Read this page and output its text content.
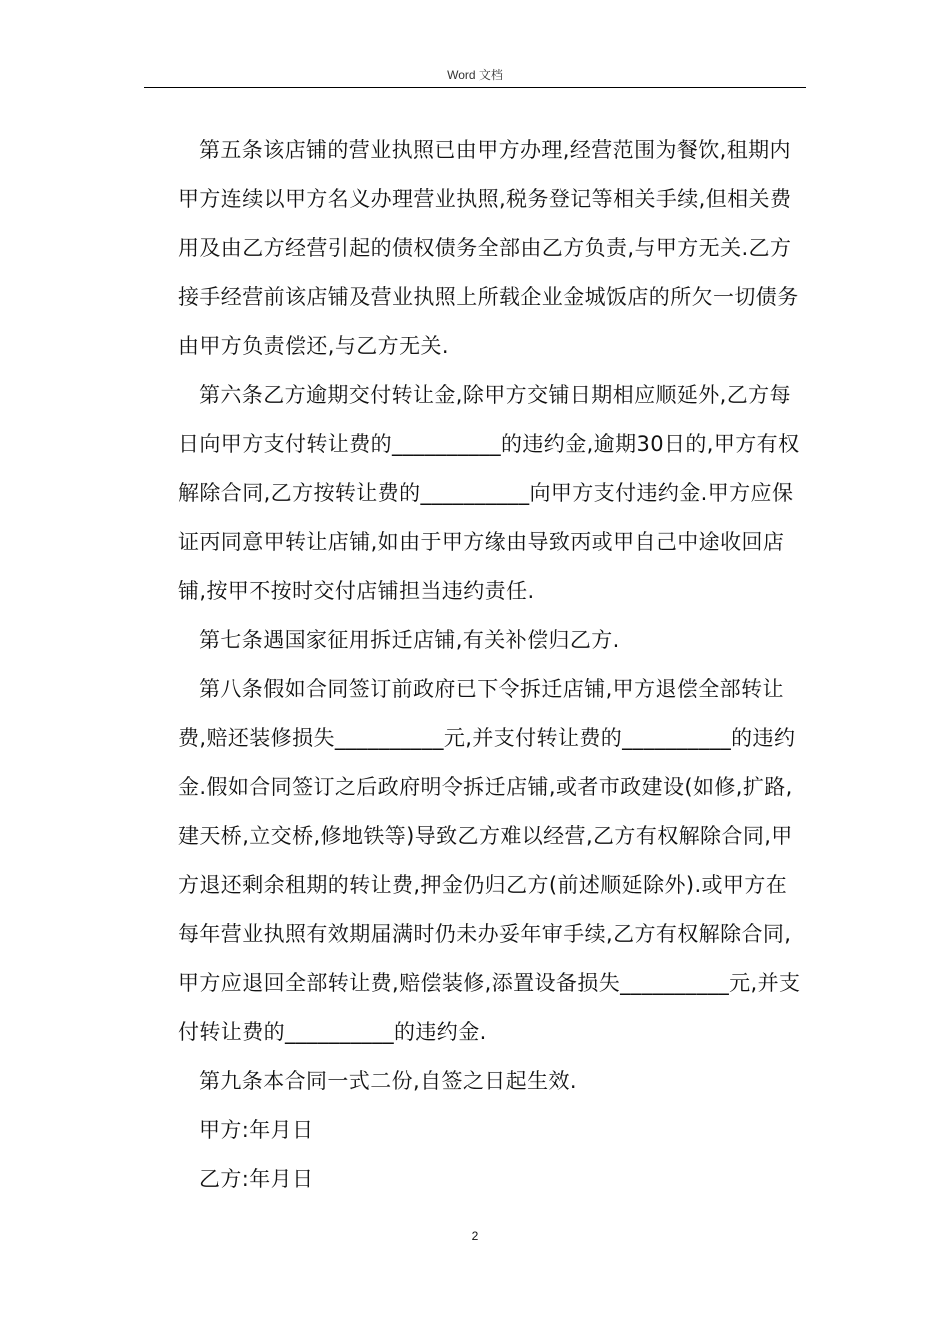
Word 文档

第五条该店铺的营业执照已由甲方办理,经营范围为餐饮,租期内甲方连续以甲方名义办理营业执照,税务登记等相关手续,但相关费用及由乙方经营引起的债权债务全部由乙方负责,与甲方无关.乙方接手经营前该店铺及营业执照上所载企业金城饭店的所欠一切债务由甲方负责偿还,与乙方无关.

第六条乙方逾期交付转让金,除甲方交铺日期相应顺延外,乙方每日向甲方支付转让费的__________的违约金,逾期30日的,甲方有权解除合同,乙方按转让费的__________向甲方支付违约金.甲方应保证丙同意甲转让店铺,如由于甲方缘由导致丙或甲自己中途收回店铺,按甲不按时交付店铺担当违约责任.

第七条遇国家征用拆迁店铺,有关补偿归乙方.

第八条假如合同签订前政府已下令拆迁店铺,甲方退偿全部转让费,赔还装修损失__________元,并支付转让费的__________的违约金.假如合同签订之后政府明令拆迁店铺,或者市政建设(如修,扩路,建天桥,立交桥,修地铁等)导致乙方难以经营,乙方有权解除合同,甲方退还剩余租期的转让费,押金仍归乙方(前述顺延除外).或甲方在每年营业执照有效期届满时仍未办妥年审手续,乙方有权解除合同,甲方应退回全部转让费,赔偿装修,添置设备损失__________元,并支付转让费的__________的违约金.

第九条本合同一式二份,自签之日起生效.

甲方:年月日

乙方:年月日

2
